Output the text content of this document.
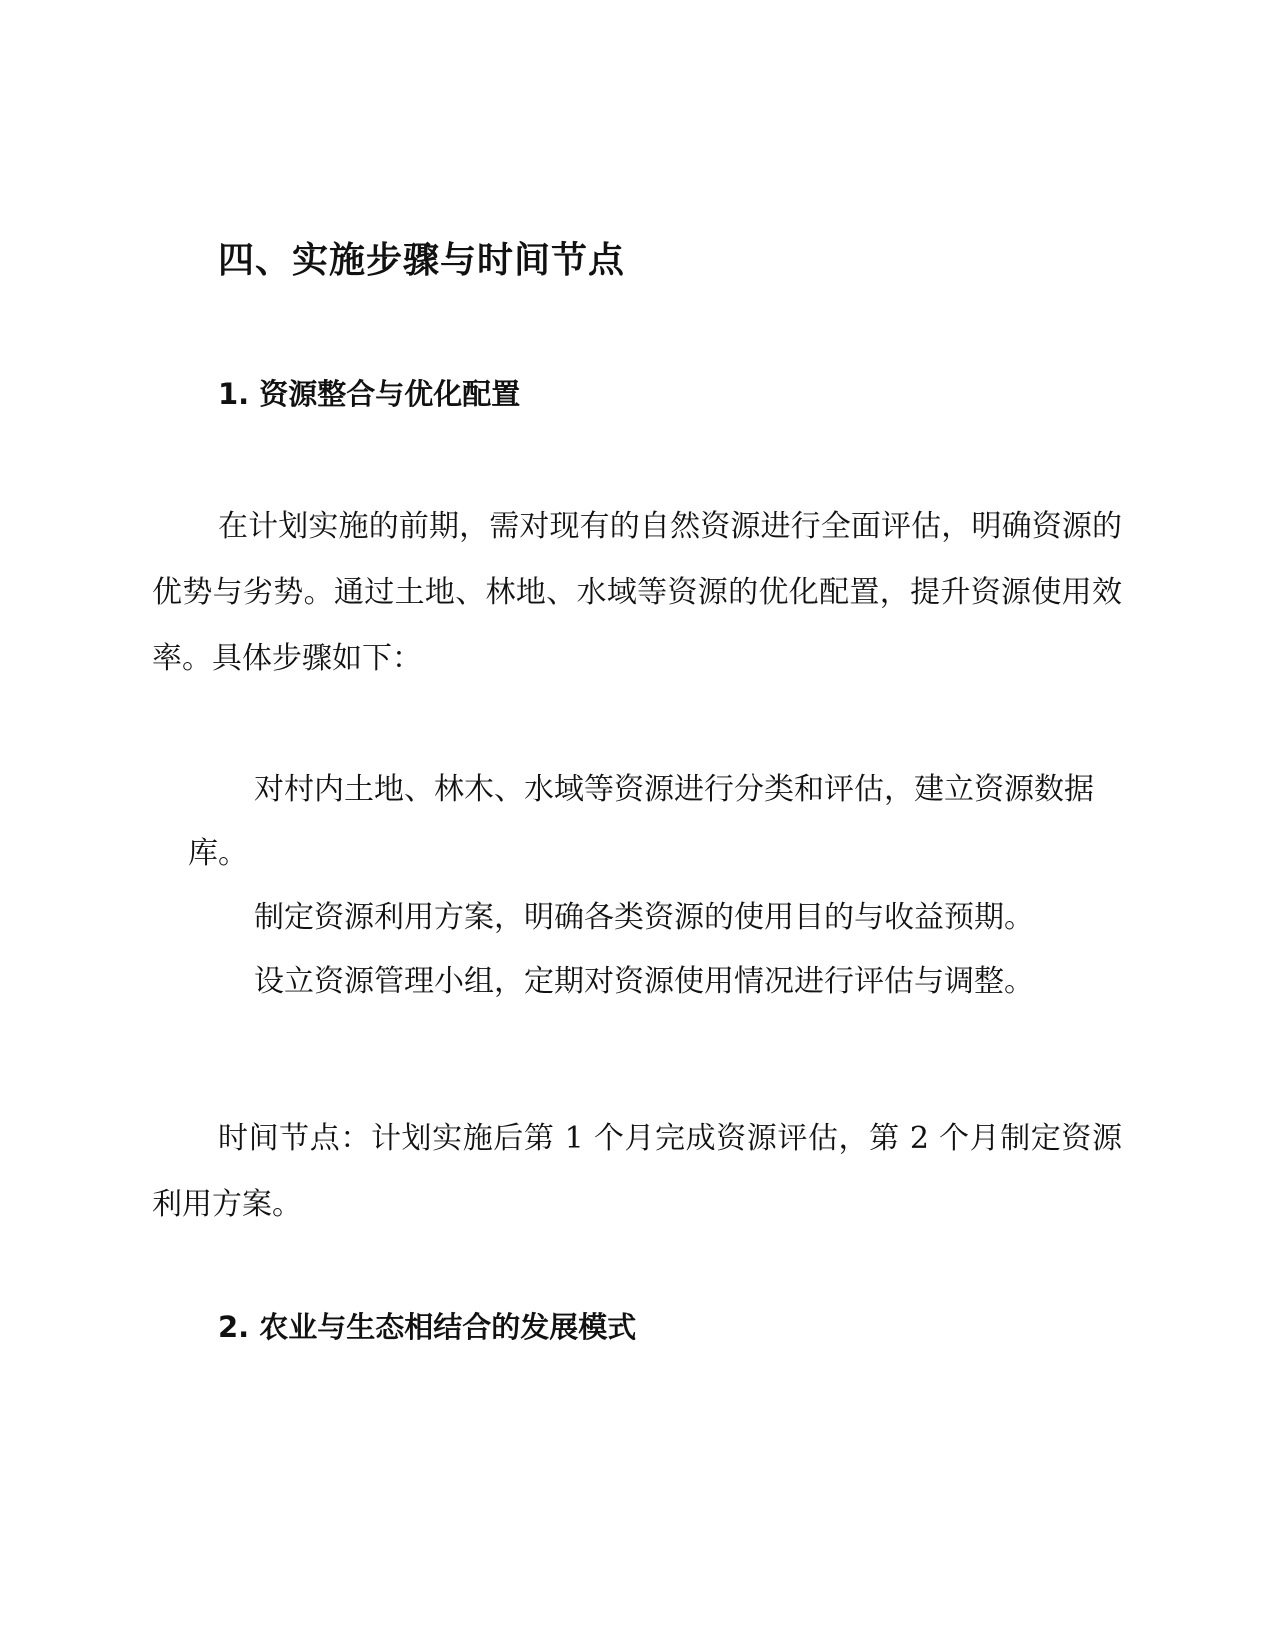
四、实施步骤与时间节点
1. 资源整合与优化配置

在计划实施的前期，需对现有的自然资源进行全面评估，明确资源的优势与劣势。通过土地、林地、水域等资源的优化配置，提升资源使用效率。具体步骤如下：

对村内土地、林木、水域等资源进行分类和评估，建立资源数据库。
制定资源利用方案，明确各类资源的使用目的与收益预期。
设立资源管理小组，定期对资源使用情况进行评估与调整。

时间节点：计划实施后第 1 个月完成资源评估，第 2 个月制定资源利用方案。

2. 农业与生态相结合的发展模式
